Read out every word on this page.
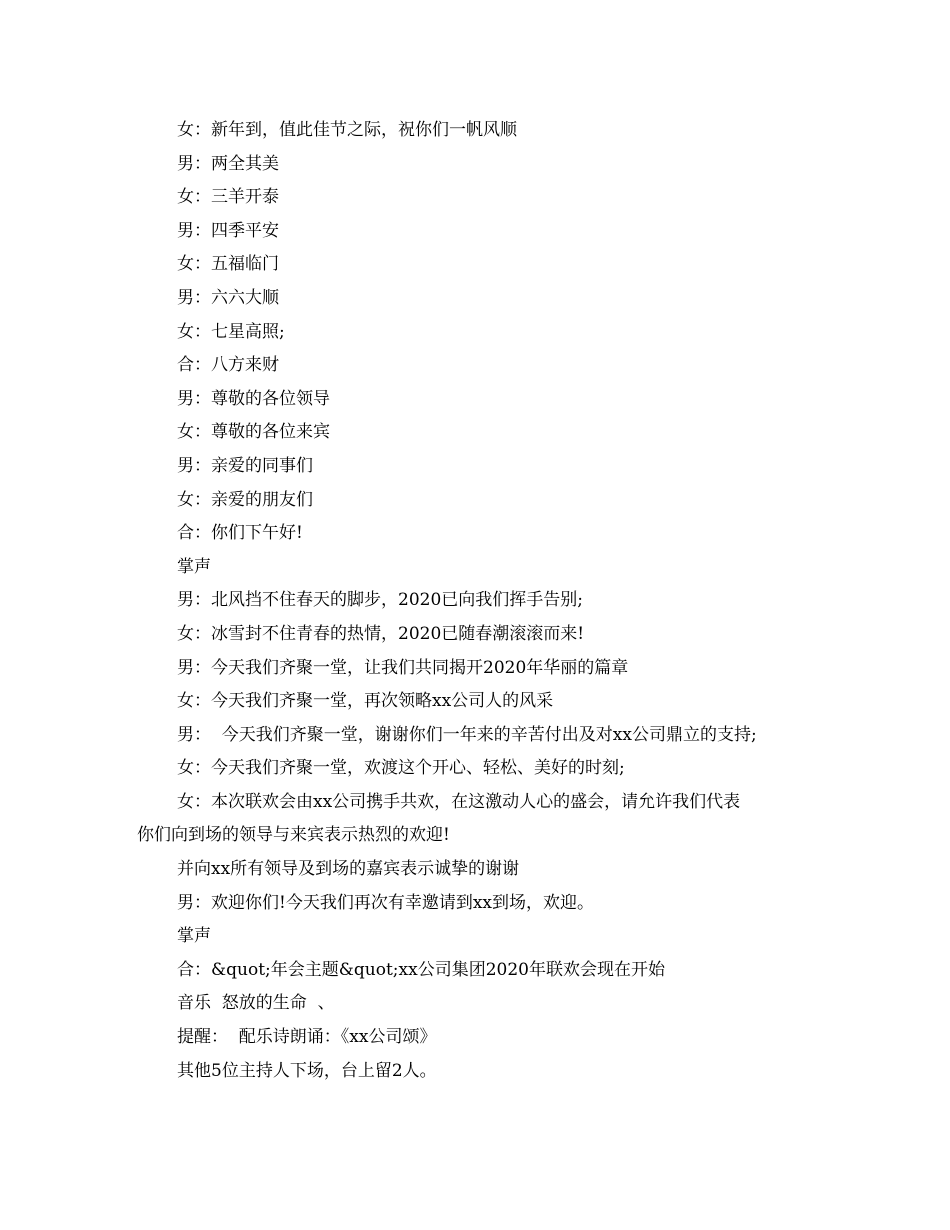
女：新年到，值此佳节之际，祝你们一帆风顺
男：两全其美
女：三羊开泰
男：四季平安
女：五福临门
男：六六大顺
女：七星高照;
合：八方来财
男：尊敬的各位领导
女：尊敬的各位来宾
男：亲爱的同事们
女：亲爱的朋友们
合：你们下午好!
掌声
男：北风挡不住春天的脚步，2020已向我们挥手告别;
女：冰雪封不住青春的热情，2020已随春潮滚滚而来!
男：今天我们齐聚一堂，让我们共同揭开2020年华丽的篇章
女：今天我们齐聚一堂，再次领略xx公司人的风采
男：  今天我们齐聚一堂，谢谢你们一年来的辛苦付出及对xx公司鼎立的支持;
女：今天我们齐聚一堂，欢渡这个开心、轻松、美好的时刻;
女：本次联欢会由xx公司携手共欢，在这激动人心的盛会，请允许我们代表
你们向到场的领导与来宾表示热烈的欢迎!
并向xx所有领导及到场的嘉宾表示诚挚的谢谢
男：欢迎你们!今天我们再次有幸邀请到xx到场，欢迎。
掌声
合：&quot;年会主题&quot;xx公司集团2020年联欢会现在开始
音乐  怒放的生命  、
提醒：  配乐诗朗诵：《xx公司颂》
其他5位主持人下场，台上留2人。
